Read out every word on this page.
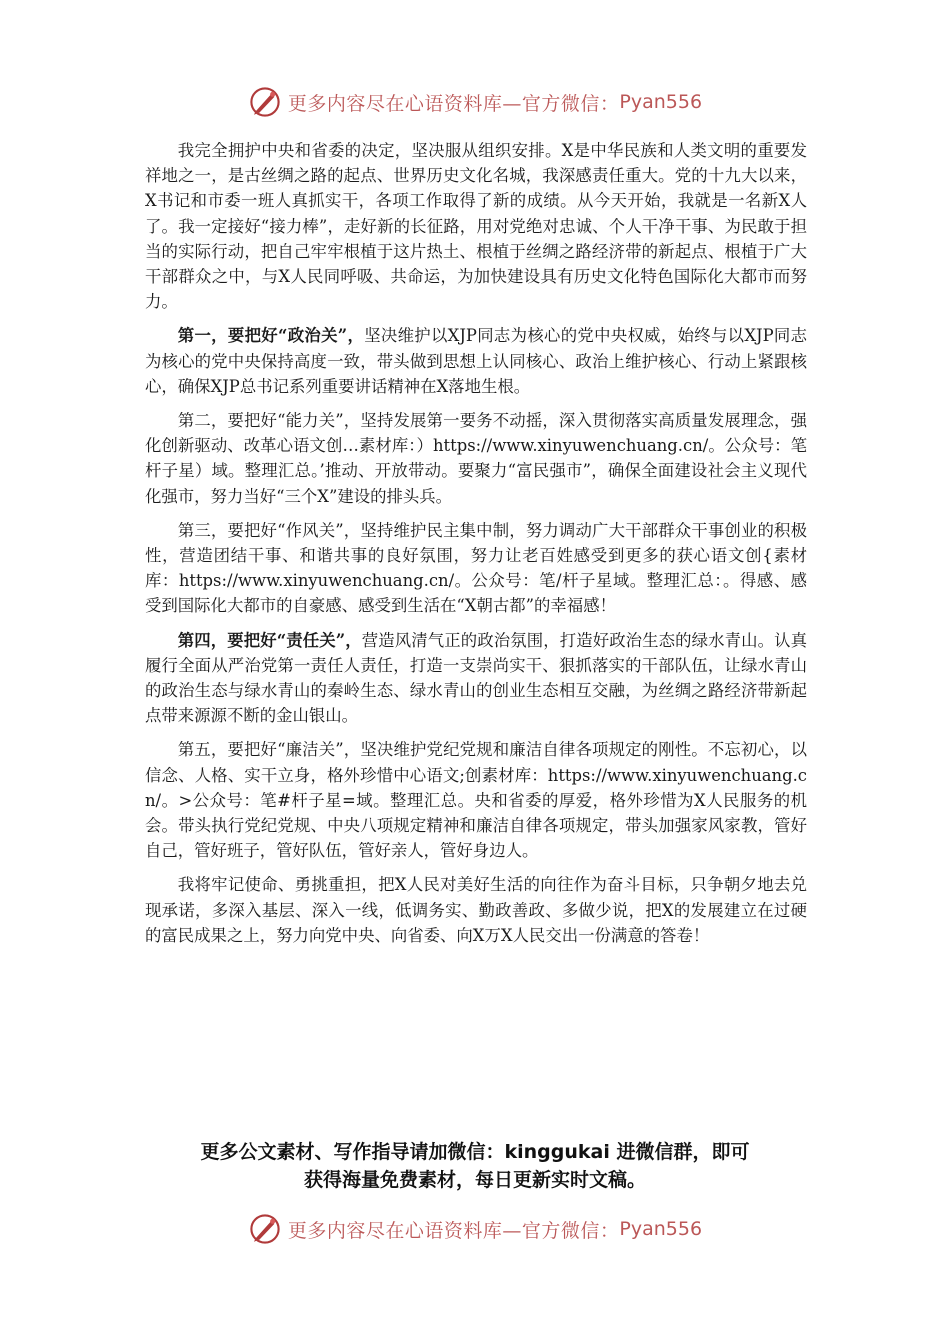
更多内容尽在心语资料库—官方微信： Pyan556

我完全拥护中央和省委的决定，坚决服从组织安排。X是中华民族和人类文明的重要发祥地之一，是古丝绸之路的起点、世界历史文化名城，我深感责任重大。党的十九大以来，X书记和市委一班人真抓实干，各项工作取得了新的成绩。从今天开始，我就是一名新X人了。我一定接好“接力棒”，走好新的长征路，用对党绝对忠诚、个人干净干事、为民敢于担当的实际行动，把自己牢牢根植于这片热土、根植于丝绸之路经济带的新起点、根植于广大干部群众之中，与X人民同呼吸、共命运，为加快建设具有历史文化特色国际化大都市而努力。

第一，要把好“政治关”，坚决维护以XJP同志为核心的党中央权威，始终与以XJP同志为核心的党中央保持高度一致，带头做到思想上认同核心、政治上维护核心、行动上紧跟核心，确保XJP总书记系列重要讲话精神在X落地生根。

第二，要把好“能力关”，坚持发展第一要务不动摇，深入贯彻落实高质量发展理念，强化创新驱动、改革心语文创…素材库：）https://www.xinyuwenchuang.cn/。公众号：笔杆子星）域。整理汇总。’推动、开放带动。要聚力“富民强市”，确保全面建设社会主义现代化强市，努力当好“三个X”建设的排头兵。

第三，要把好“作风关”，坚持维护民主集中制，努力调动广大干部群众干事创业的积极性，营造团结干事、和谐共事的良好氛围，努力让老百姓感受到更多的获心语文创{素材库：https://www.xinyuwenchuang.cn/。公众号：笔/杆子星域。整理汇总：。得感、感受到国际化大都市的自豪感、感受到生活在“X朝古都”的幸福感！

第四，要把好“责任关”，营造风清气正的政治氛围，打造好政治生态的绿水青山。认真履行全面从严治党第一责任人责任，打造一支崇尚实干、狠抓落实的干部队伍，让绿水青山的政治生态与绿水青山的秦岭生态、绿水青山的创业生态相互交融，为丝绸之路经济带新起点带来源源不断的金山银山。

第五，要把好“廉洁关”，坚决维护党纪党规和廉洁自律各项规定的刚性。不忘初心，以信念、人格、实干立身，格外珍惜中心语文;创素材库：https://www.xinyuwenchuang.cn/。>公众号：笔#杆子星=域。整理汇总。央和省委的厚爱，格外珍惜为X人民服务的机会。带头执行党纪党规、中央八项规定精神和廉洁自律各项规定，带头加强家风家教，管好自己，管好班子，管好队伍，管好亲人，管好身边人。

我将牢记使命、勇挑重担，把X人民对美好生活的向往作为奋斗目标，只争朝夕地去兑现承诺，多深入基层、深入一线，低调务实、勤政善政、多做少说，把X的发展建立在过硬的富民成果之上，努力向党中央、向省委、向X万X人民交出一份满意的答卷！

更多公文素材、写作指导请加微信：kinggukai 进微信群，即可
获得海量免费素材，每日更新实时文稿。
更多内容尽在心语资料库—官方微信： Pyan556
